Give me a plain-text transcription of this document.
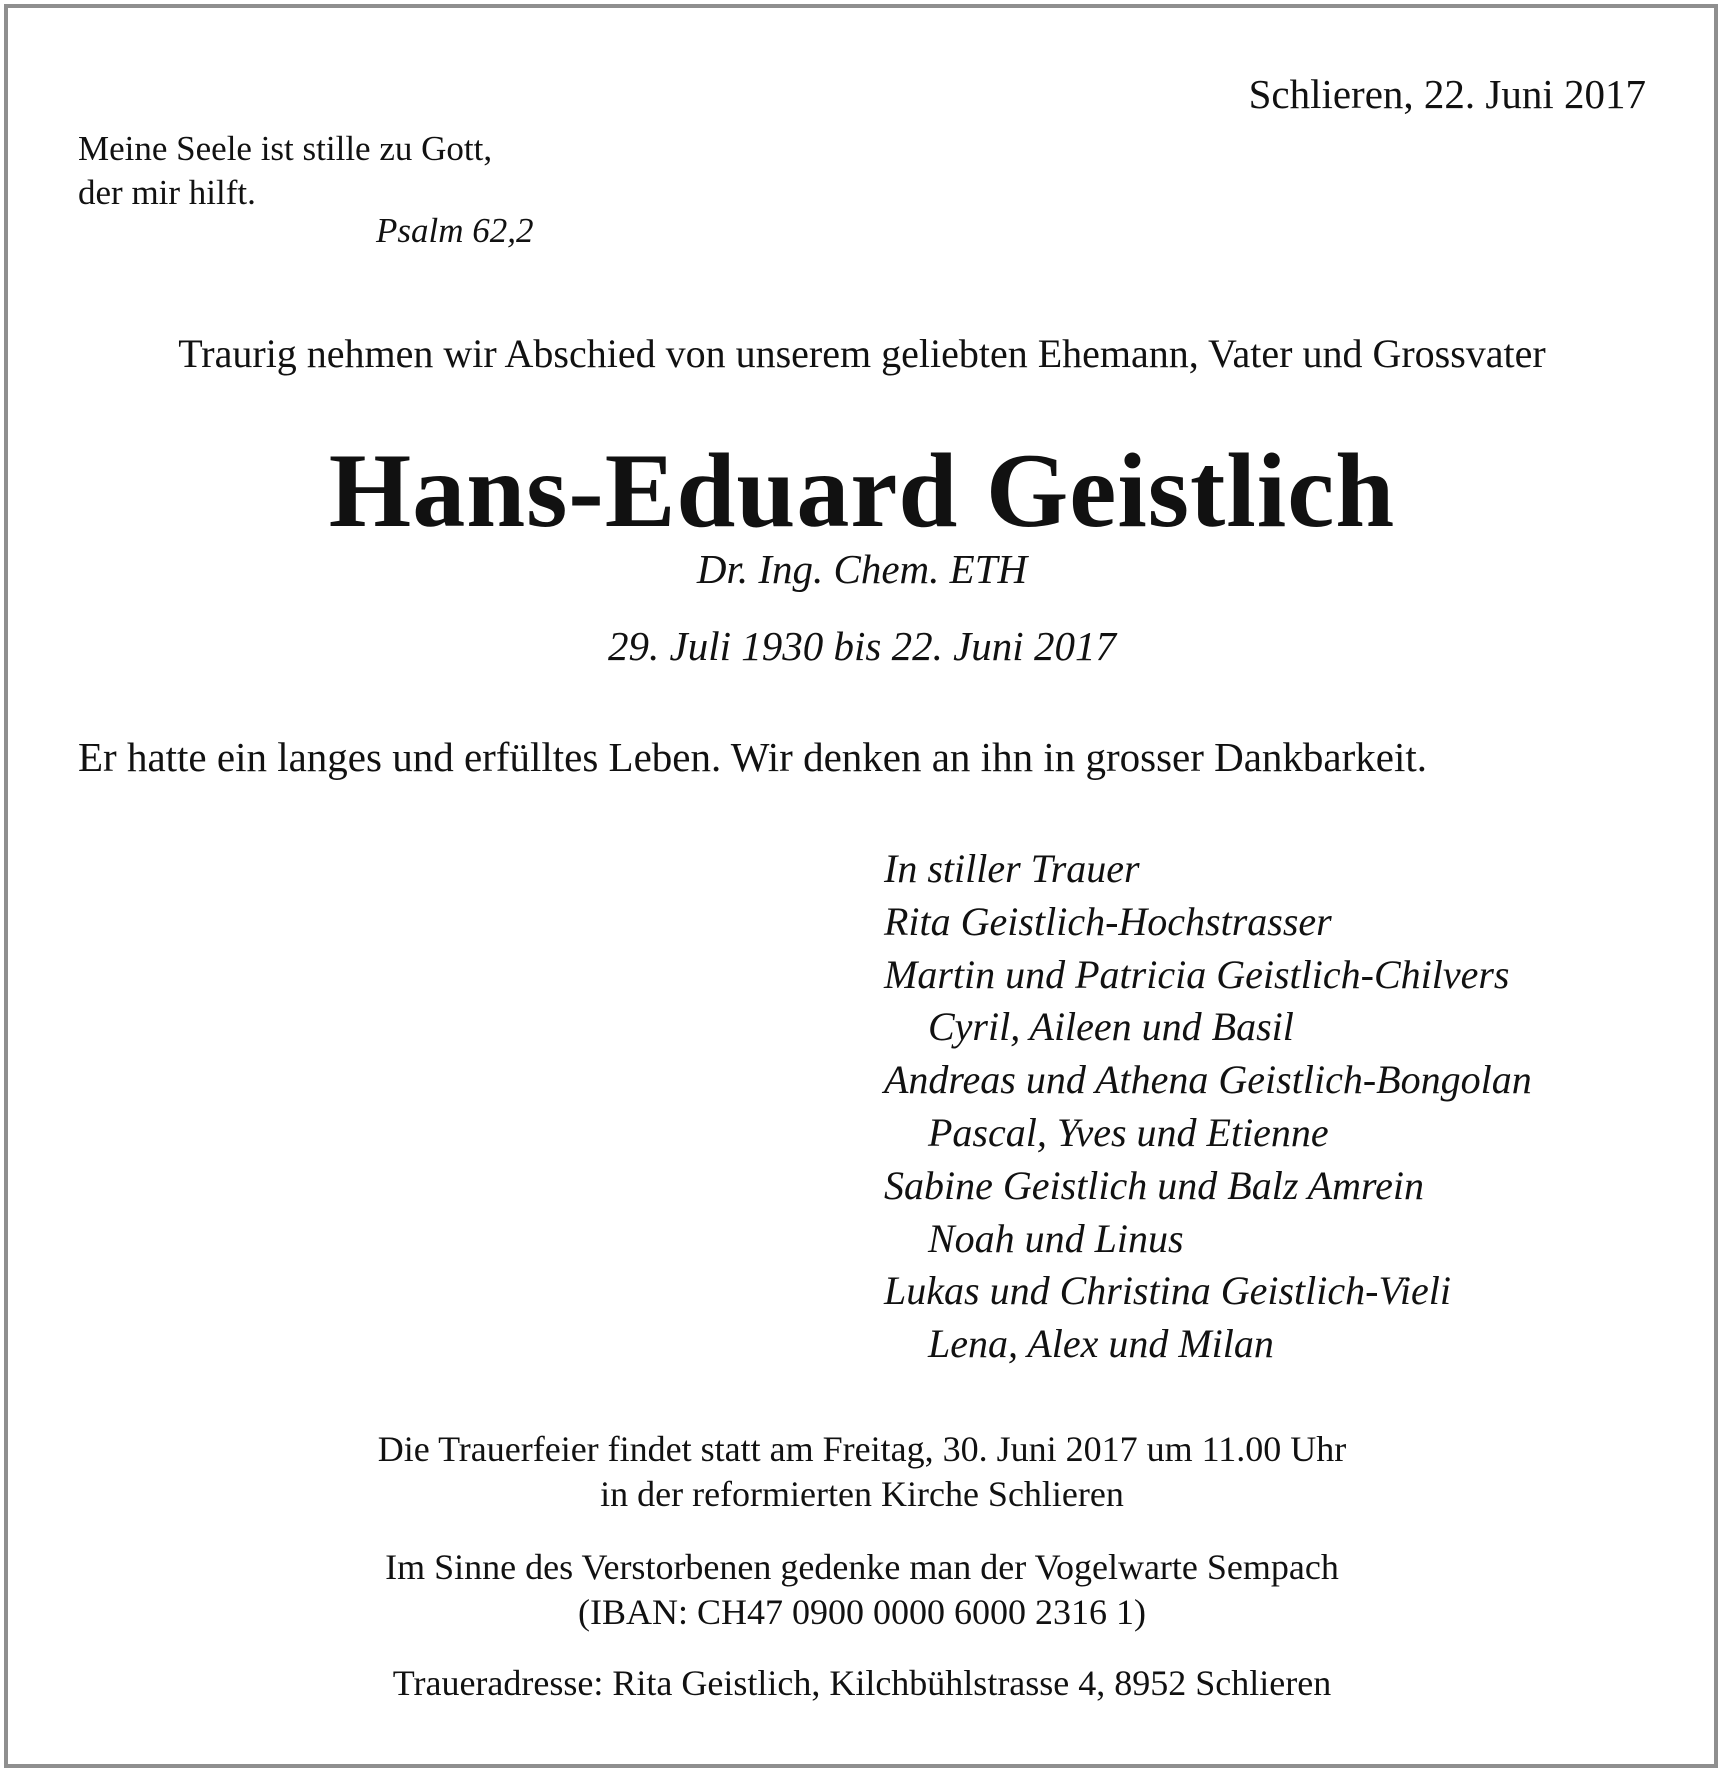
Schlieren, 22. Juni 2017
Meine Seele ist stille zu Gott,
der mir hilft.
Psalm 62,2
Traurig nehmen wir Abschied von unserem geliebten Ehemann, Vater und Grossvater
Hans-Eduard Geistlich
Dr. Ing. Chem. ETH
29. Juli 1930 bis 22. Juni 2017
Er hatte ein langes und erfülltes Leben. Wir denken an ihn in grosser Dankbarkeit.
In stiller Trauer
Rita Geistlich-Hochstrasser
Martin und Patricia Geistlich-Chilvers
Cyril, Aileen und Basil
Andreas und Athena Geistlich-Bongolan
Pascal, Yves und Etienne
Sabine Geistlich und Balz Amrein
Noah und Linus
Lukas und Christina Geistlich-Vieli
Lena, Alex und Milan
Die Trauerfeier findet statt am Freitag, 30. Juni 2017 um 11.00 Uhr
in der reformierten Kirche Schlieren
Im Sinne des Verstorbenen gedenke man der Vogelwarte Sempach
(IBAN: CH47 0900 0000 6000 2316 1)
Traueradresse: Rita Geistlich, Kilchbühlstrasse 4, 8952 Schlieren
